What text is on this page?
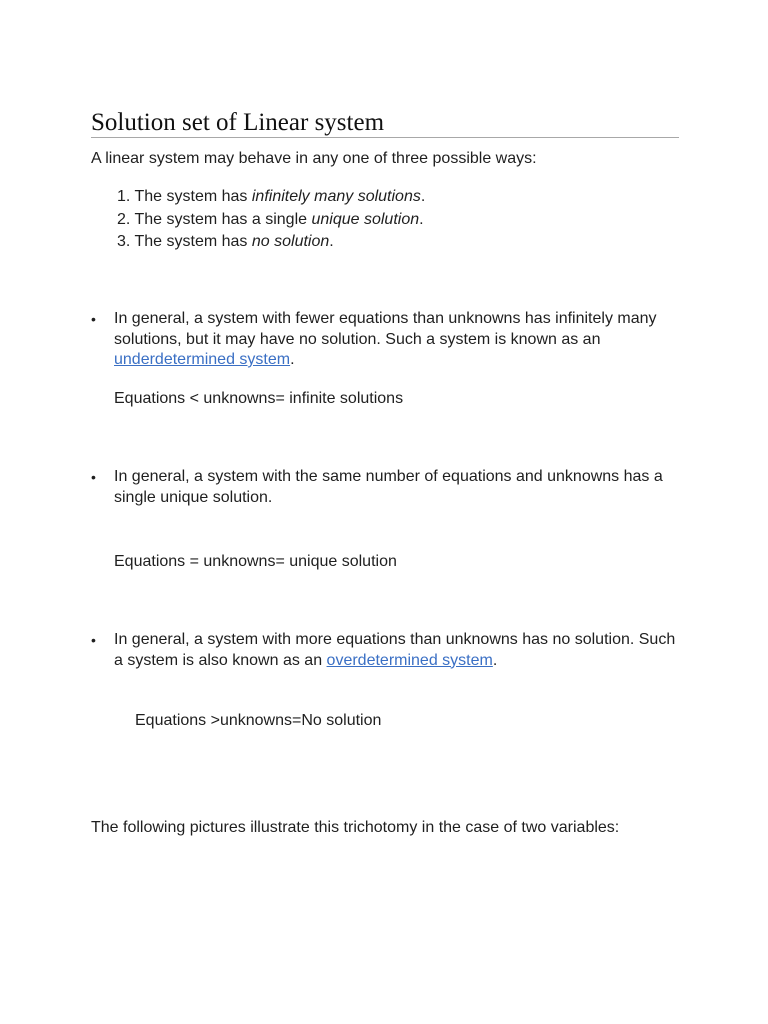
Solution set of Linear system
A linear system may behave in any one of three possible ways:
1. The system has infinitely many solutions.
2. The system has a single unique solution.
3. The system has no solution.
• In general, a system with fewer equations than unknowns has infinitely many solutions, but it may have no solution. Such a system is known as an underdetermined system.
Equations < unknowns= infinite solutions
• In general, a system with the same number of equations and unknowns has a single unique solution.
Equations = unknowns= unique solution
• In general, a system with more equations than unknowns has no solution. Such a system is also known as an overdetermined system.
Equations >unknowns=No solution
The following pictures illustrate this trichotomy in the case of two variables:
